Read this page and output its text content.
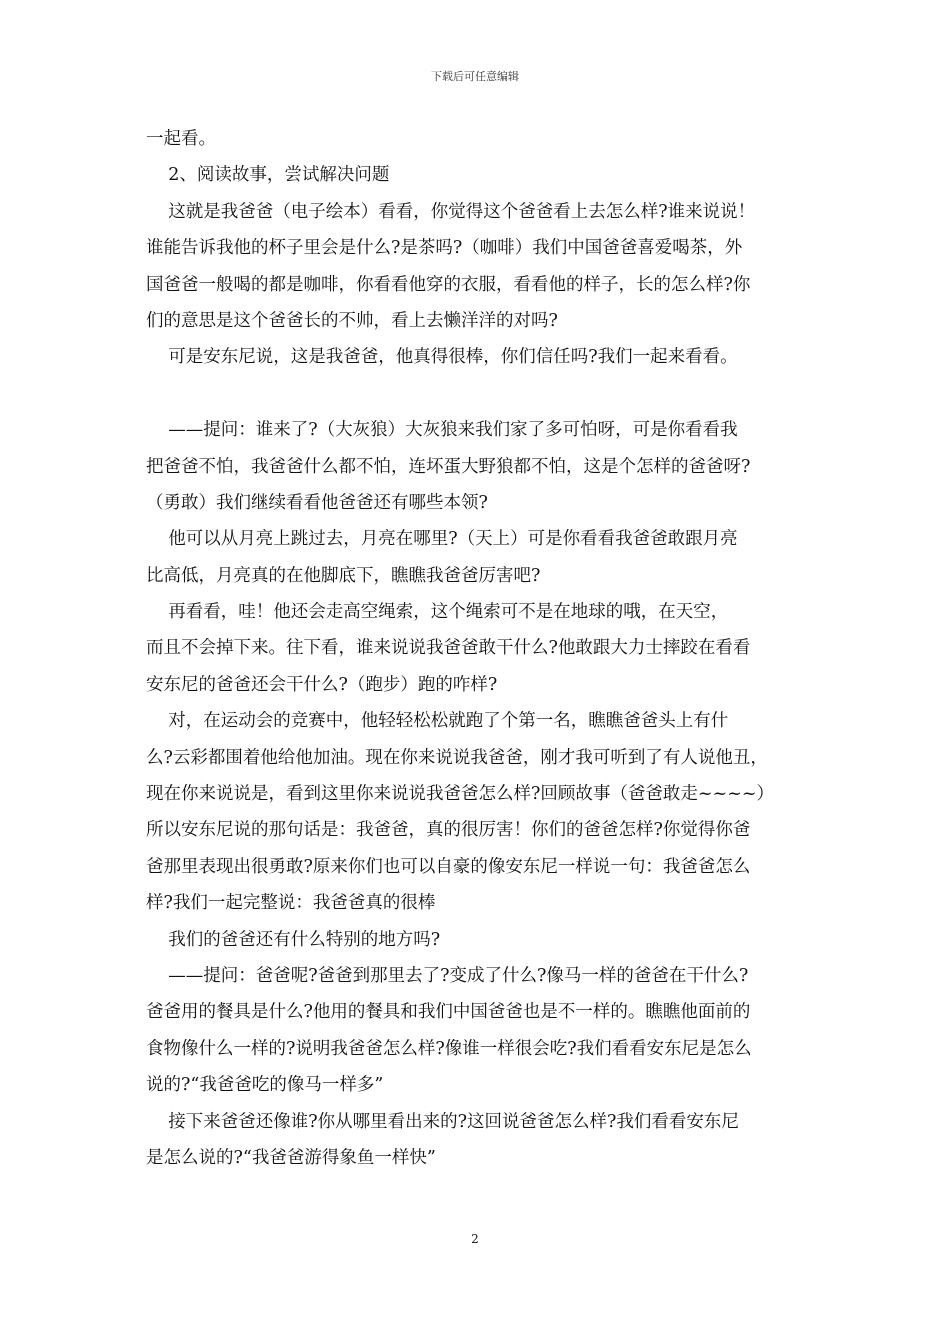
下载后可任意编辑
一起看。
2、阅读故事，尝试解决问题
这就是我爸爸（电子绘本）看看，你觉得这个爸爸看上去怎么样?谁来说说！
谁能告诉我他的杯子里会是什么?是茶吗?（咖啡）我们中国爸爸喜爱喝茶，外
国爸爸一般喝的都是咖啡，你看看他穿的衣服，看看他的样子，长的怎么样?你
们的意思是这个爸爸长的不帅，看上去懒洋洋的对吗?
可是安东尼说，这是我爸爸，他真得很棒，你们信任吗?我们一起来看看。
——提问：谁来了?（大灰狼）大灰狼来我们家了多可怕呀，可是你看看我
把爸爸不怕，我爸爸什么都不怕，连坏蛋大野狼都不怕，这是个怎样的爸爸呀?
（勇敢）我们继续看看他爸爸还有哪些本领?
他可以从月亮上跳过去，月亮在哪里?（天上）可是你看看我爸爸敢跟月亮
比高低，月亮真的在他脚底下，瞧瞧我爸爸厉害吧?
再看看，哇！他还会走高空绳索，这个绳索可不是在地球的哦，在天空，
而且不会掉下来。往下看，谁来说说我爸爸敢干什么?他敢跟大力士摔跤在看看
安东尼的爸爸还会干什么?（跑步）跑的咋样?
对，在运动会的竞赛中，他轻轻松松就跑了个第一名，瞧瞧爸爸头上有什
么?云彩都围着他给他加油。现在你来说说我爸爸，刚才我可听到了有人说他丑，
现在你来说说是，看到这里你来说说我爸爸怎么样?回顾故事（爸爸敢走~~~~）
所以安东尼说的那句话是：我爸爸，真的很厉害！你们的爸爸怎样?你觉得你爸
爸那里表现出很勇敢?原来你们也可以自豪的像安东尼一样说一句：我爸爸怎么
样?我们一起完整说：我爸爸真的很棒
我们的爸爸还有什么特别的地方吗?
——提问：爸爸呢?爸爸到那里去了?变成了什么?像马一样的爸爸在干什么?
爸爸用的餐具是什么?他用的餐具和我们中国爸爸也是不一样的。瞧瞧他面前的
食物像什么一样的?说明我爸爸怎么样?像谁一样很会吃?我们看看安东尼是怎么
说的?“我爸爸吃的像马一样多”
接下来爸爸还像谁?你从哪里看出来的?这回说爸爸怎么样?我们看看安东尼
是怎么说的?“我爸爸游得象鱼一样快”
2
